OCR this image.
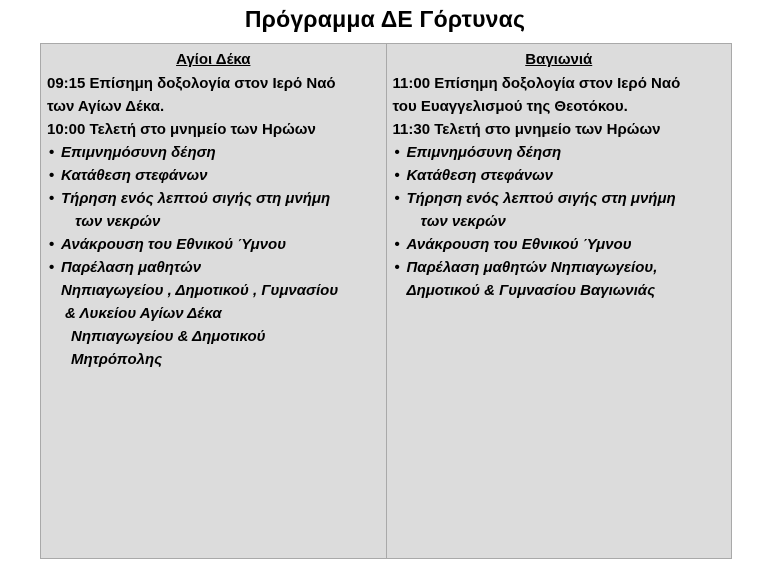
Πρόγραμμα ΔΕ Γόρτυνας
Αγίοι Δέκα
09:15 Επίσημη δοξολογία στον Ιερό Ναό
των Αγίων Δέκα.
10:00 Τελετή στο μνημείο των Ηρώων
• Επιμνημόσυνη δέηση
• Κατάθεση στεφάνων
• Τήρηση ενός λεπτού σιγής στη μνήμη
των νεκρών
• Ανάκρουση του Εθνικού Ύμνου
• Παρέλαση μαθητών
Νηπιαγωγείου , Δημοτικού , Γυμνασίου
& Λυκείου Αγίων Δέκα
Νηπιαγωγείου & Δημοτικού
Μητρόπολης
Βαγιωνιά
11:00 Επίσημη δοξολογία στον Ιερό Ναό
του Ευαγγελισμού της Θεοτόκου.
11:30 Τελετή στο μνημείο των Ηρώων
• Επιμνημόσυνη δέηση
• Κατάθεση στεφάνων
• Τήρηση ενός λεπτού σιγής στη μνήμη
των νεκρών
• Ανάκρουση του Εθνικού Ύμνου
• Παρέλαση μαθητών Νηπιαγωγείου,
Δημοτικού & Γυμνασίου Βαγιωνιάς
